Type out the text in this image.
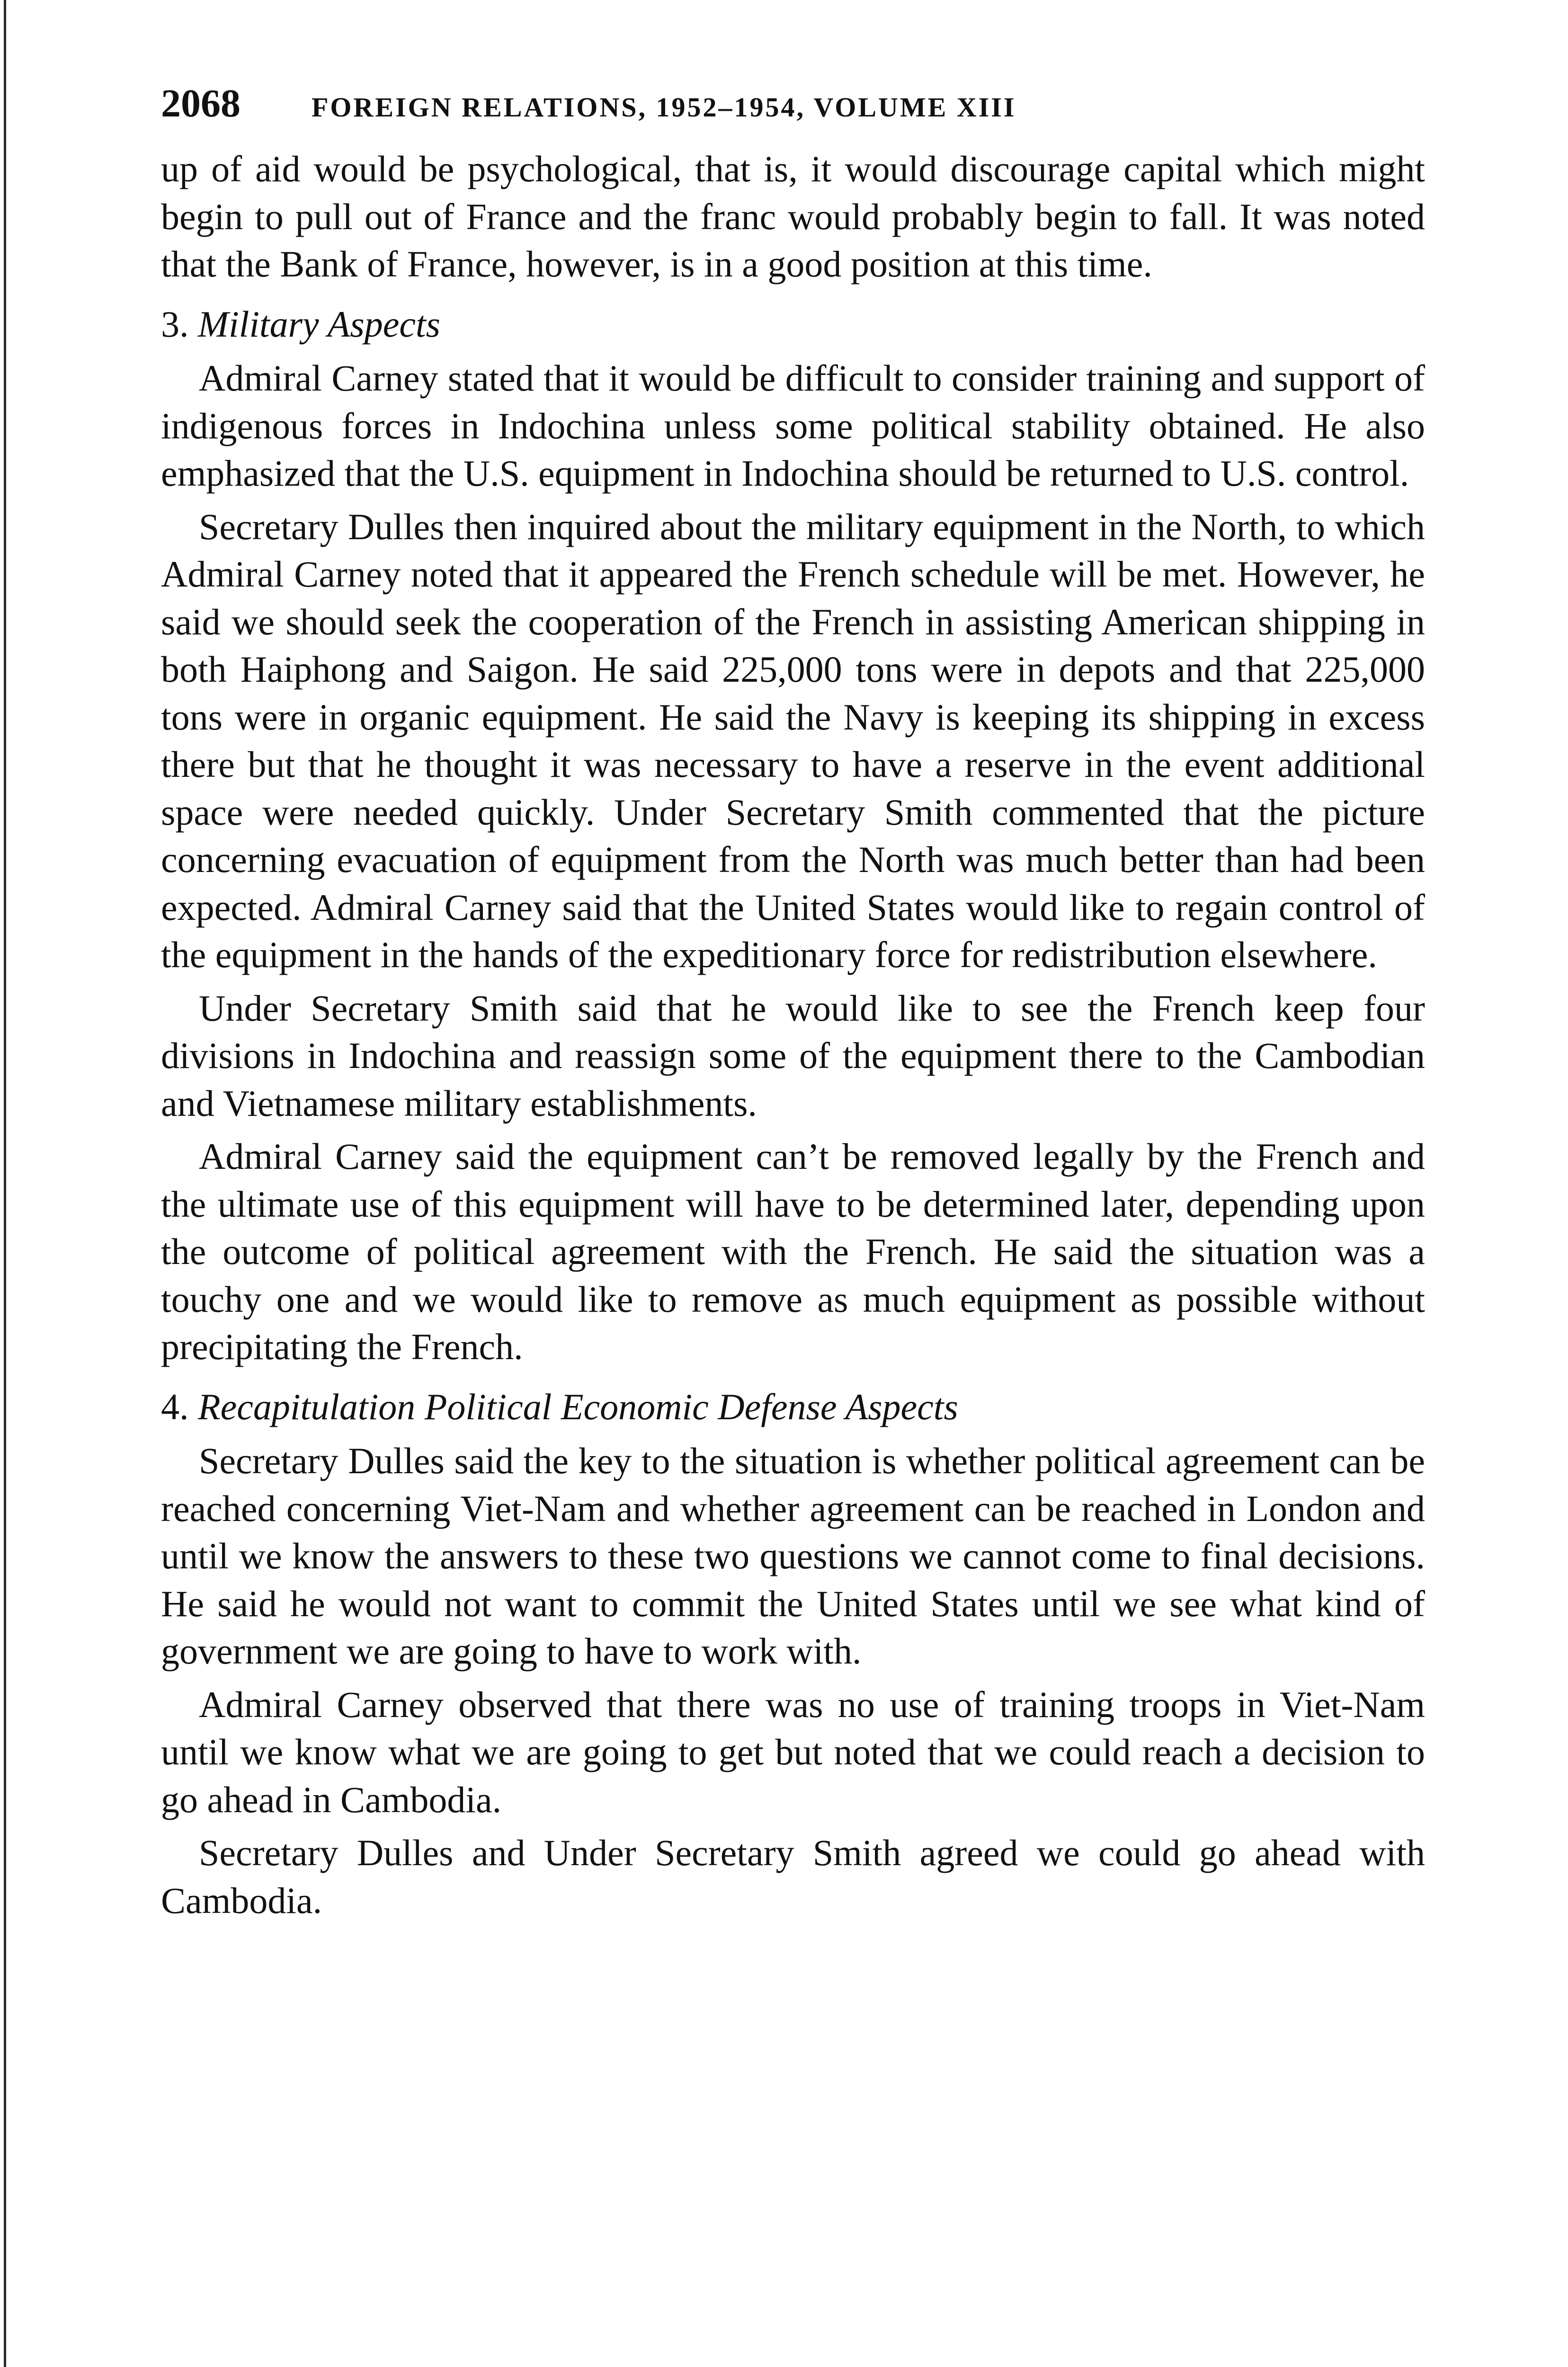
2068	FOREIGN RELATIONS, 1952–1954, VOLUME XIII

up of aid would be psychological, that is, it would discourage capital which might begin to pull out of France and the franc would probably begin to fall. It was noted that the Bank of France, however, is in a good position at this time.

3. Military Aspects

Admiral Carney stated that it would be difficult to consider training and support of indigenous forces in Indochina unless some political stability obtained. He also emphasized that the U.S. equipment in Indochina should be returned to U.S. control.

Secretary Dulles then inquired about the military equipment in the North, to which Admiral Carney noted that it appeared the French schedule will be met. However, he said we should seek the cooperation of the French in assisting American shipping in both Haiphong and Saigon. He said 225,000 tons were in depots and that 225,000 tons were in organic equipment. He said the Navy is keeping its shipping in excess there but that he thought it was necessary to have a reserve in the event additional space were needed quickly. Under Secretary Smith commented that the picture concerning evacuation of equipment from the North was much better than had been expected. Admiral Carney said that the United States would like to regain control of the equipment in the hands of the expeditionary force for redistribution elsewhere.

Under Secretary Smith said that he would like to see the French keep four divisions in Indochina and reassign some of the equipment there to the Cambodian and Vietnamese military establishments.

Admiral Carney said the equipment can’t be removed legally by the French and the ultimate use of this equipment will have to be determined later, depending upon the outcome of political agreement with the French. He said the situation was a touchy one and we would like to remove as much equipment as possible without precipitating the French.

4. Recapitulation Political Economic Defense Aspects

Secretary Dulles said the key to the situation is whether political agreement can be reached concerning Viet-Nam and whether agreement can be reached in London and until we know the answers to these two questions we cannot come to final decisions. He said he would not want to commit the United States until we see what kind of government we are going to have to work with.

Admiral Carney observed that there was no use of training troops in Viet-Nam until we know what we are going to get but noted that we could reach a decision to go ahead in Cambodia.

Secretary Dulles and Under Secretary Smith agreed we could go ahead with Cambodia.
